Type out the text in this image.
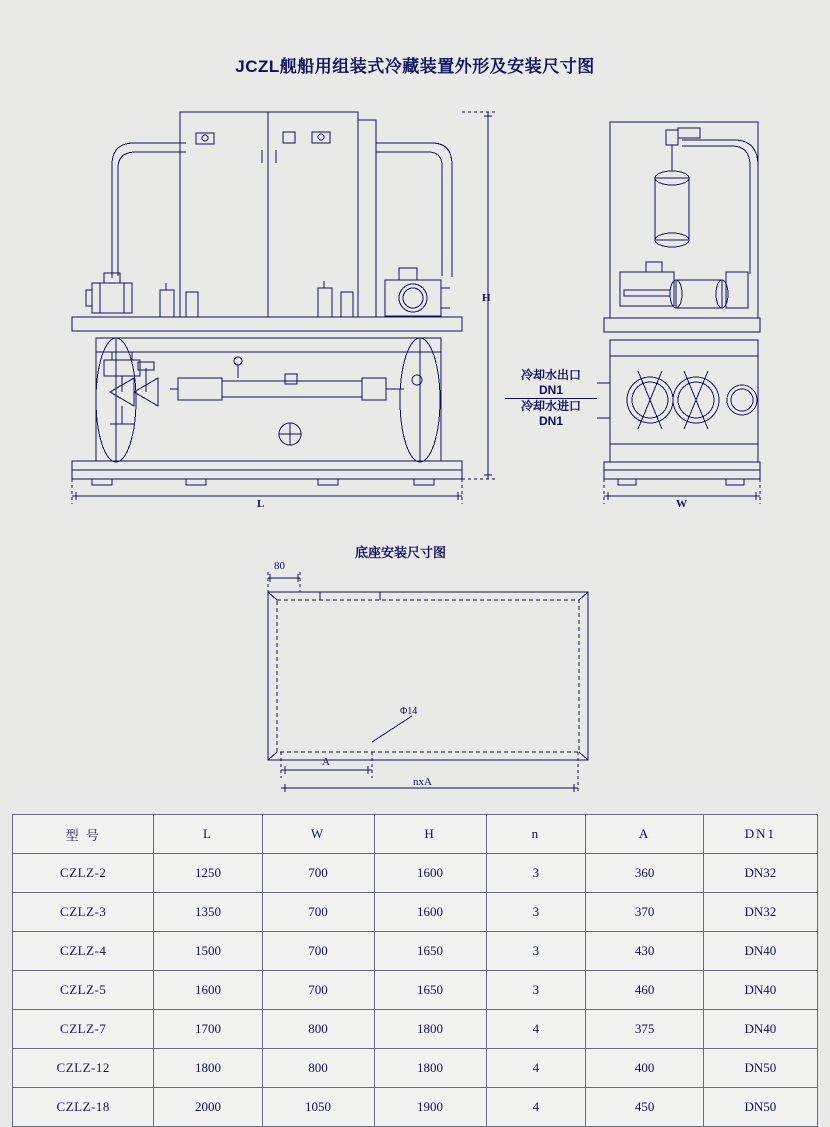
JCZL舰船用组装式冷藏装置外形及安装尺寸图
H
L	W
冷却水出口
DN1
冷却水进口
DN1
底座安装尺寸图
80
Φ14
A
nxA
型 号	L	W	H	n	A	DN1
CZLZ-2	1250	700	1600	3	360	DN32
CZLZ-3	1350	700	1600	3	370	DN32
CZLZ-4	1500	700	1650	3	430	DN40
CZLZ-5	1600	700	1650	3	460	DN40
CZLZ-7	1700	800	1800	4	375	DN40
CZLZ-12	1800	800	1800	4	400	DN50
CZLZ-18	2000	1050	1900	4	450	DN50
